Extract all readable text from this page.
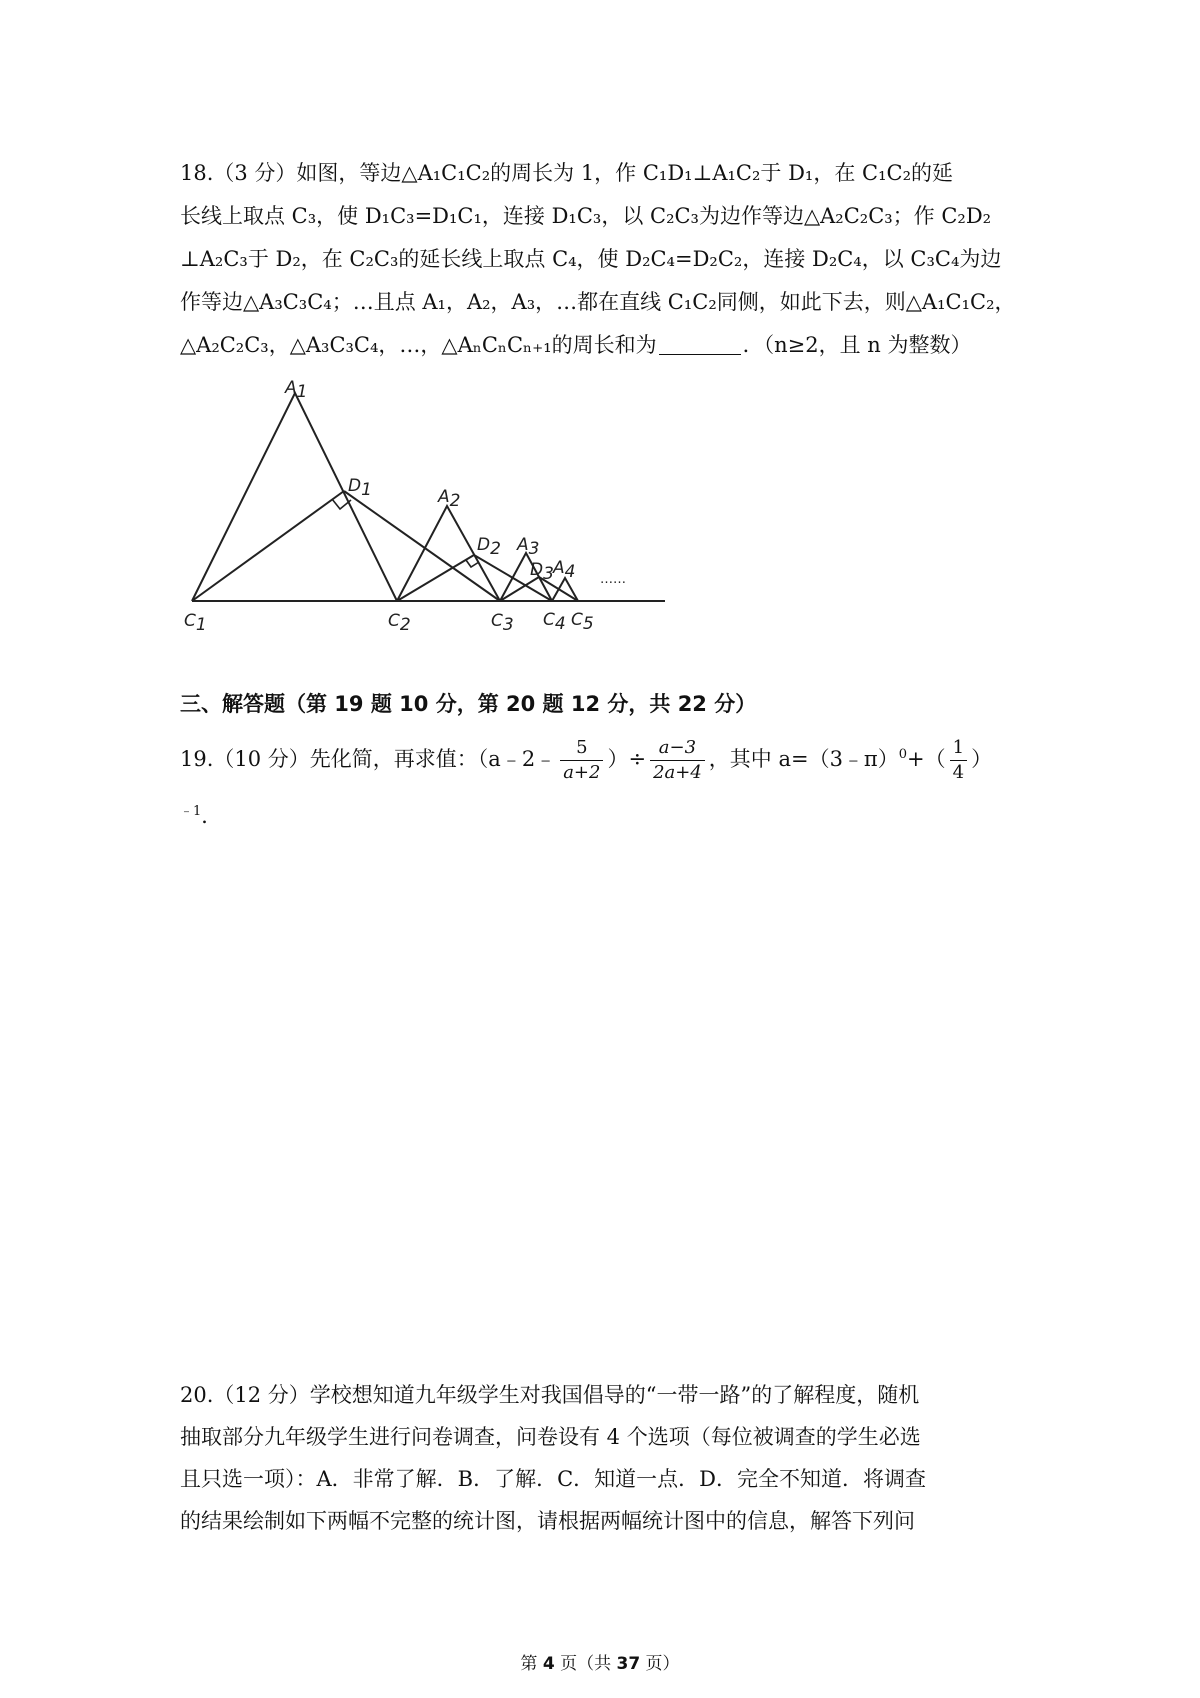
18.（3 分）如图，等边△A₁C₁C₂的周长为 1，作 C₁D₁⊥A₁C₂于 D₁，在 C₁C₂的延
长线上取点 C₃，使 D₁C₃=D₁C₁，连接 D₁C₃，以 C₂C₃为边作等边△A₂C₂C₃；作 C₂D₂
⊥A₂C₃于 D₂，在 C₂C₃的延长线上取点 C₄，使 D₂C₄=D₂C₂，连接 D₂C₄，以 C₃C₄为边
作等边△A₃C₃C₄；…且点 A₁，A₂，A₃，…都在直线 C₁C₂同侧，如此下去，则△A₁C₁C₂，
△A₂C₂C₃，△A₃C₃C₄，…，△AₙCₙCₙ₊₁的周长和为	．（n≥2，且 n 为整数）
A1
D1	A2
D2 A3
D3 A4 ……
C1	C2	C3 C4 C5
三、解答题（第 19 题 10 分，第 20 题 12 分，共 22 分）
19.（10 分）先化简，再求值：（a﹣2﹣ $\frac{5}{a+2}$ ）÷ $\frac{a-3}{2a+4}$ ，其中 a=（3﹣π）$^0$+（ $\frac{1}{4}$ ）
$^{﹣1}$．
20.（12 分）学校想知道九年级学生对我国倡导的“一带一路”的了解程度，随机
抽取部分九年级学生进行问卷调查，问卷设有 4 个选项（每位被调查的学生必选
且只选一项）：A．非常了解．B．了解．C．知道一点．D．完全不知道．将调查
的结果绘制如下两幅不完整的统计图，请根据两幅统计图中的信息，解答下列问
第 4 页（共 37 页）
